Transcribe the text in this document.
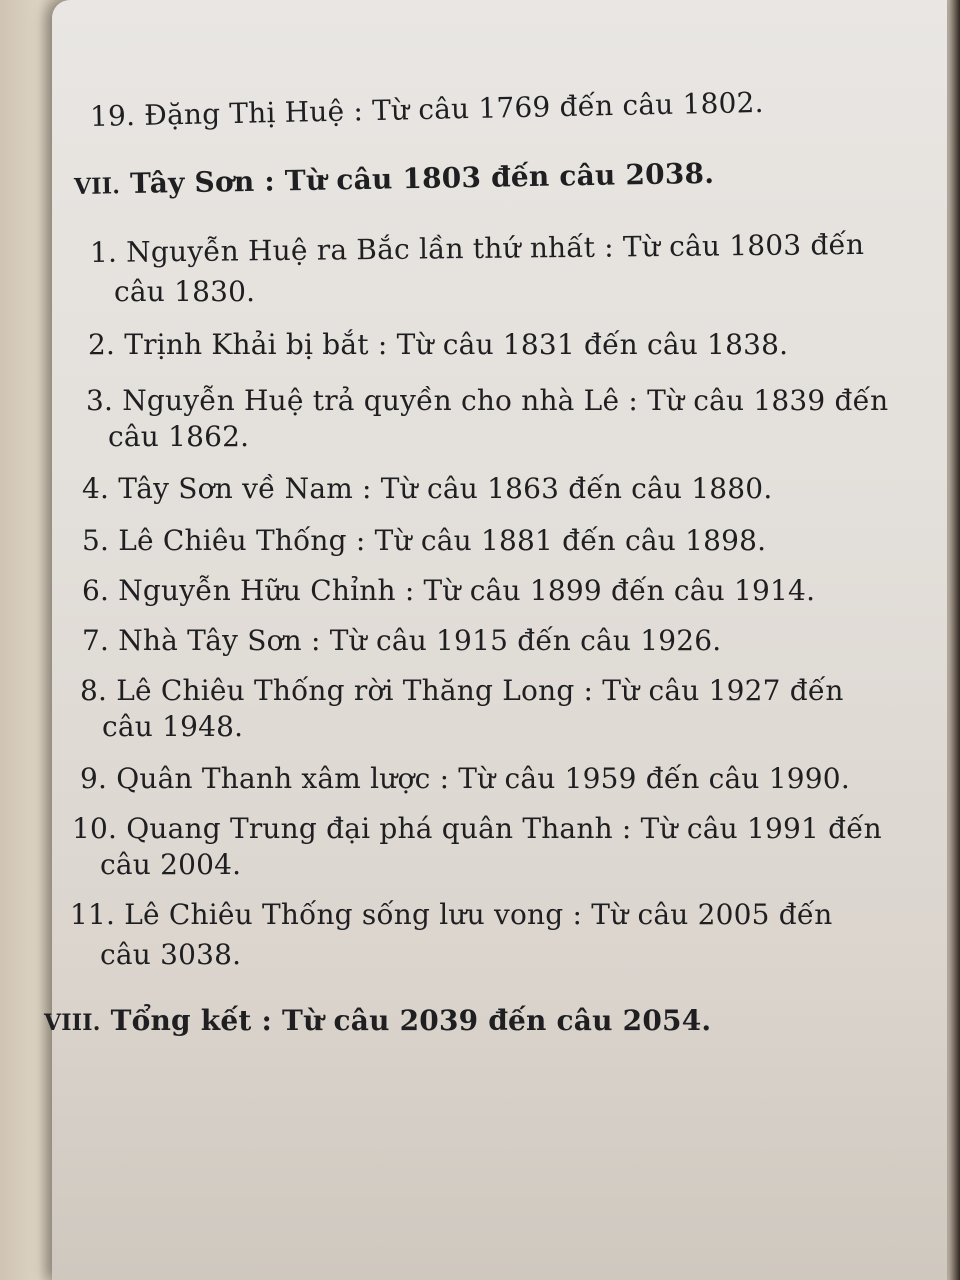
19. Đặng Thị Huệ : Từ câu 1769 đến câu 1802.
VII. Tây Sơn : Từ câu 1803 đến câu 2038.
1. Nguyễn Huệ ra Bắc lần thứ nhất : Từ câu 1803 đến
câu 1830.
2. Trịnh Khải bị bắt : Từ câu 1831 đến câu 1838.
3. Nguyễn Huệ trả quyền cho nhà Lê : Từ câu 1839 đến
câu 1862.
4. Tây Sơn về Nam : Từ câu 1863 đến câu 1880.
5. Lê Chiêu Thống : Từ câu 1881 đến câu 1898.
6. Nguyễn Hữu Chỉnh : Từ câu 1899 đến câu 1914.
7. Nhà Tây Sơn : Từ câu 1915 đến câu 1926.
8. Lê Chiêu Thống rời Thăng Long : Từ câu 1927 đến
câu 1948.
9. Quân Thanh xâm lược : Từ câu 1959 đến câu 1990.
10. Quang Trung đại phá quân Thanh : Từ câu 1991 đến
câu 2004.
11. Lê Chiêu Thống sống lưu vong : Từ câu 2005 đến
câu 3038.
VIII. Tổng kết : Từ câu 2039 đến câu 2054.
